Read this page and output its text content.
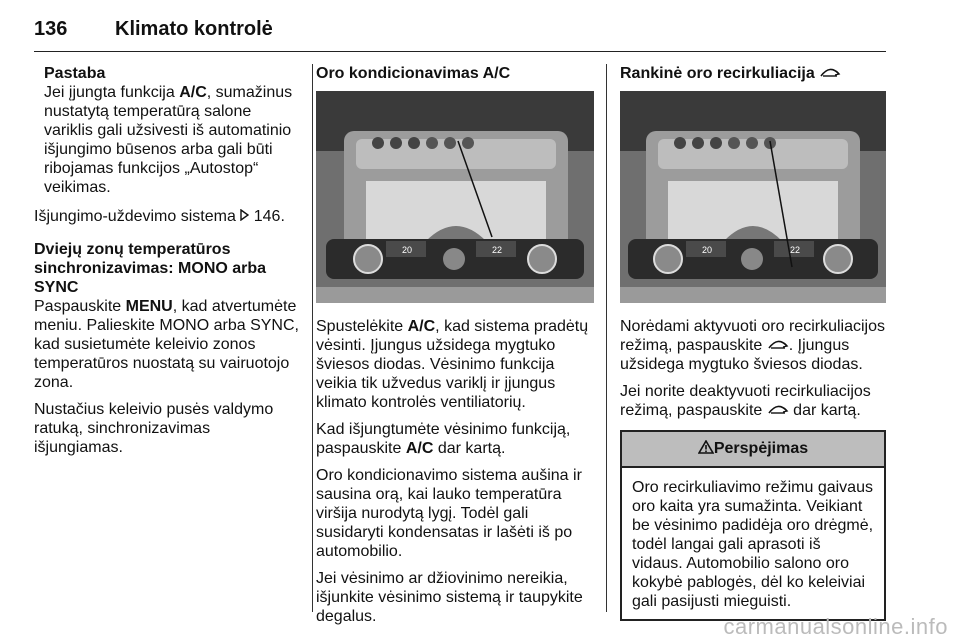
136 Klimato kontrolė
Pastaba
Jei įjungta funkcija A/C, sumažinus nustatytą temperatūrą salone variklis gali užsivesti iš automatinio išjungimo būsenos arba gali būti ribojamas funkcijos „Autostop“ veikimas.
Išjungimo-uždevimo sistema  146.
Dviejų zonų temperatūros sinchronizavimas: MONO arba SYNC
Paspauskite MENU, kad atvertumėte meniu. Palieskite MONO arba SYNC, kad susietumėte keleivio zonos temperatūros nuostatą su vairuotojo zona.
Nustačius keleivio pusės valdymo ratuką, sinchronizavimas išjungiamas.
Oro kondicionavimas A/C
20	22
Spustelėkite A/C, kad sistema pradėtų vėsinti. Įjungus užsidega mygtuko šviesos diodas. Vėsinimo funkcija veikia tik užvedus variklį ir įjungus klimato kontrolės ventiliatorių.
Kad išjungtumėte vėsinimo funkciją, paspauskite A/C dar kartą.
Oro kondicionavimo sistema aušina ir sausina orą, kai lauko temperatūra viršija nurodytą lygį. Todėl gali susidaryti kondensatas ir lašėti iš po automobilio.
Jei vėsinimo ar džiovinimo nereikia, išjunkite vėsinimo sistemą ir taupykite degalus.
Rankinė oro recirkuliacija
20	22
Norėdami aktyvuoti oro recirkuliacijos režimą, paspauskite . Įjungus užsidega mygtuko šviesos diodas.
Jei norite deaktyvuoti recirkuliacijos režimą, paspauskite  dar kartą.
Perspėjimas
Oro recirkuliavimo režimu gaivaus oro kaita yra sumažinta. Veikiant be vėsinimo padidėja oro drėgmė, todėl langai gali aprasoti iš vidaus. Automobilio salono oro kokybė pablogės, dėl ko keleiviai gali pasijusti mieguisti.
carmanualsonline.info
